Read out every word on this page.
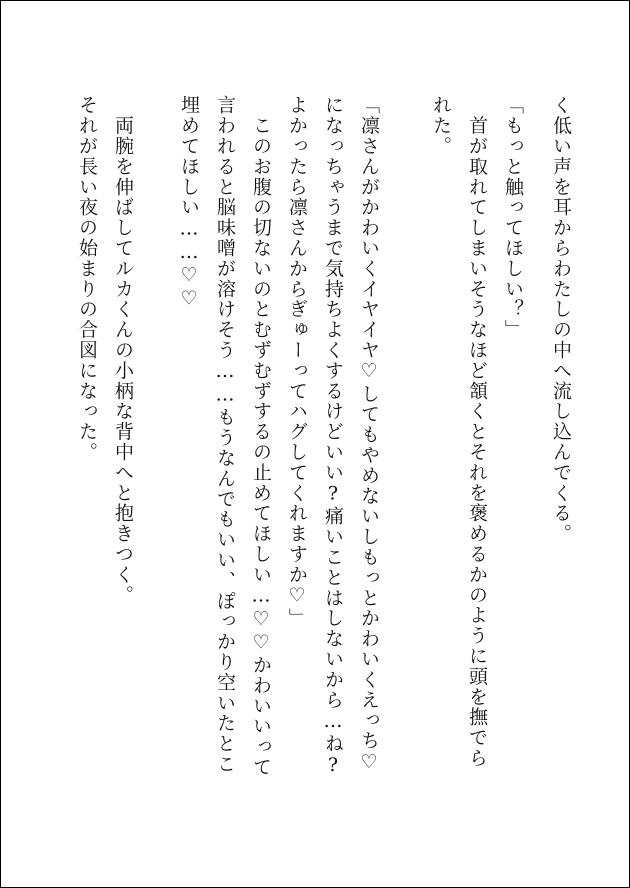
く低い声を耳からわたしの中へ流し込んでくる。

「もっと触ってほしい？」

　首が取れてしまいそうなほど頷くとそれを褒めるかのように頭を撫でら

れた。

「凛さんがかわいくイヤイヤ♡してもやめないしもっとかわいくえっち♡

になっちゃうまで気持ちよくするけどいい?痛いことはしないから…ね?

よかったら凛さんからぎゅーってハグしてくれますか♡」

　このお腹の切ないのとむずむずするの止めてほしい…♡♡かわいいって

言われると脳味噌が溶けそう……もうなんでもいい、ぽっかり空いたとこ

埋めてほしい……♡♡

　両腕を伸ばしてルカくんの小柄な背中へと抱きつく。

それが長い夜の始まりの合図になった。
